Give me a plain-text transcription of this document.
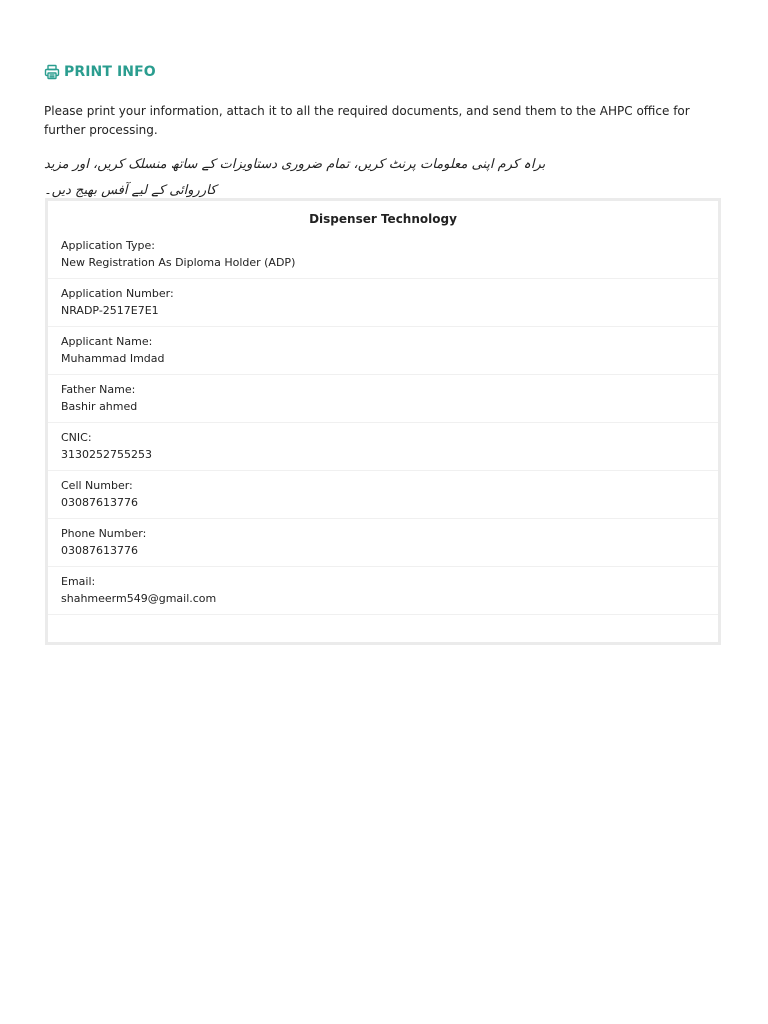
PRINT INFO
Please print your information, attach it to all the required documents, and send them to the AHPC office for further processing.
براہ کرم اپنی معلومات پرنٹ کریں، تمام ضروری دستاویزات کے ساتھ منسلک کریں، اور مزید کارروائی کے لیے آفس بھیج دیں۔
Dispenser Technology
Application Type:
New Registration As Diploma Holder (ADP)
Application Number:
NRADP-2517E7E1
Applicant Name:
Muhammad Imdad
Father Name:
Bashir ahmed
CNIC:
3130252755253
Cell Number:
03087613776
Phone Number:
03087613776
Email:
shahmeerm549@gmail.com
